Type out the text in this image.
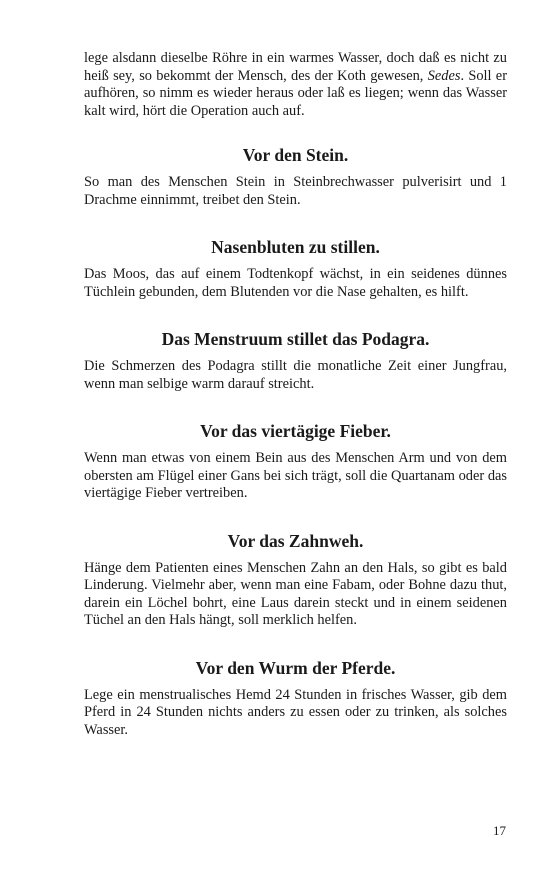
lege alsdann dieselbe Röhre in ein warmes Wasser, doch daß es nicht zu heiß sey, so bekommt der Mensch, des der Koth gewesen, Sedes. Soll er aufhören, so nimm es wieder heraus oder laß es liegen; wenn das Wasser kalt wird, hört die Operation auch auf.

Vor den Stein.

So man des Menschen Stein in Steinbrechwasser pulverisirt und 1 Drachme einnimmt, treibet den Stein.

Nasenbluten zu stillen.

Das Moos, das auf einem Todtenkopf wächst, in ein seidenes dünnes Tüchlein gebunden, dem Blutenden vor die Nase gehalten, es hilft.

Das Menstruum stillet das Podagra.

Die Schmerzen des Podagra stillt die monatliche Zeit einer Jungfrau, wenn man selbige warm darauf streicht.

Vor das viertägige Fieber.

Wenn man etwas von einem Bein aus des Menschen Arm und von dem obersten am Flügel einer Gans bei sich trägt, soll die Quartanam oder das viertägige Fieber vertreiben.

Vor das Zahnweh.

Hänge dem Patienten eines Menschen Zahn an den Hals, so gibt es bald Linderung. Vielmehr aber, wenn man eine Fabam, oder Bohne dazu thut, darein ein Löchel bohrt, eine Laus darein steckt und in einem seidenen Tüchel an den Hals hängt, soll merklich helfen.

Vor den Wurm der Pferde.

Lege ein menstrualisches Hemd 24 Stunden in frisches Wasser, gib dem Pferd in 24 Stunden nichts anders zu essen oder zu trinken, als solches Wasser.

17
